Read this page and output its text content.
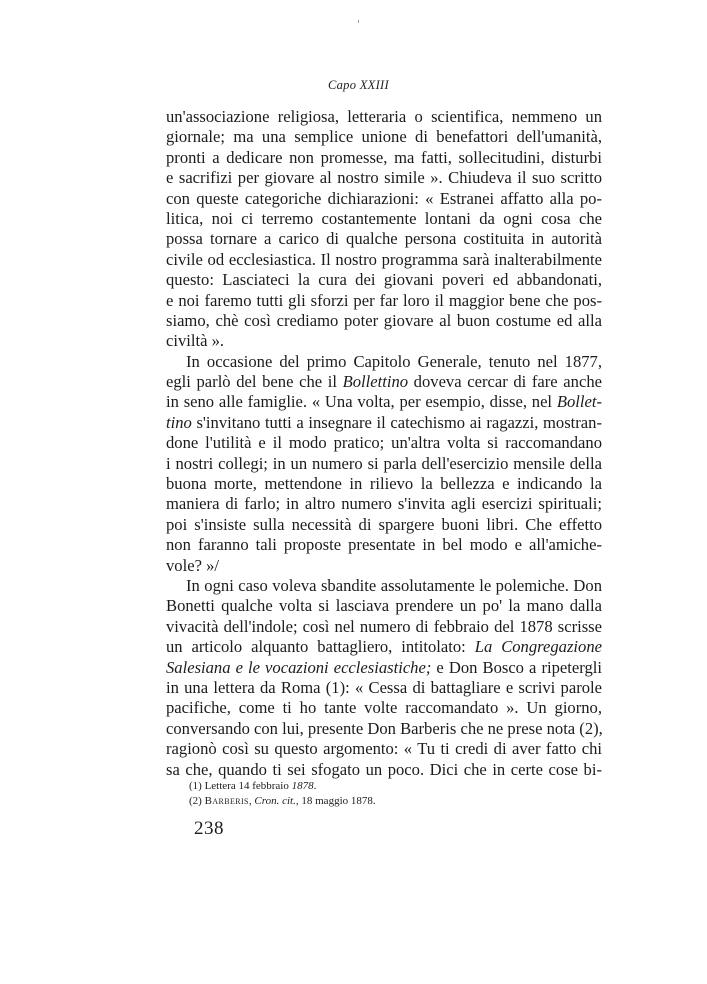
Capo XXIII
un'associazione religiosa, letteraria o scientifica, nemmeno un
giornale; ma una semplice unione di benefattori dell'umanità,
pronti a dedicare non promesse, ma fatti, sollecitudini, disturbi
e sacrifizi per giovare al nostro simile ». Chiudeva il suo scritto
con queste categoriche dichiarazioni: « Estranei affatto alla po-
litica, noi ci terremo costantemente lontani da ogni cosa che
possa tornare a carico di qualche persona costituita in autorità
civile od ecclesiastica. Il nostro programma sarà inalterabilmente
questo: Lasciateci la cura dei giovani poveri ed abbandonati,
e noi faremo tutti gli sforzi per far loro il maggior bene che pos-
siamo, chè così crediamo poter giovare al buon costume ed alla
civiltà ».
In occasione del primo Capitolo Generale, tenuto nel 1877,
egli parlò del bene che il Bollettino doveva cercar di fare anche
in seno alle famiglie. « Una volta, per esempio, disse, nel Bollet-
tino s'invitano tutti a insegnare il catechismo ai ragazzi, mostran-
done l'utilità e il modo pratico; un'altra volta si raccomandano
i nostri collegi; in un numero si parla dell'esercizio mensile della
buona morte, mettendone in rilievo la bellezza e indicando la
maniera di farlo; in altro numero s'invita agli esercizi spirituali;
poi s'insiste sulla necessità di spargere buoni libri. Che effetto
non faranno tali proposte presentate in bel modo e all'amiche-
vole? »/
In ogni caso voleva sbandite assolutamente le polemiche. Don
Bonetti qualche volta si lasciava prendere un po' la mano dalla
vivacità dell'indole; così nel numero di febbraio del 1878 scrisse
un articolo alquanto battagliero, intitolato: La Congregazione
Salesiana e le vocazioni ecclesiastiche; e Don Bosco a ripetergli
in una lettera da Roma (1): « Cessa di battagliare e scrivi parole
pacifiche, come ti ho tante volte raccomandato ». Un giorno,
conversando con lui, presente Don Barberis che ne prese nota (2),
ragionò così su questo argomento: « Tu ti credi di aver fatto chi
sa che, quando ti sei sfogato un poco. Dici che in certe cose bi-
(1) Lettera 14 febbraio 1878.
(2) Barberis, Cron. cit., 18 maggio 1878.
238
